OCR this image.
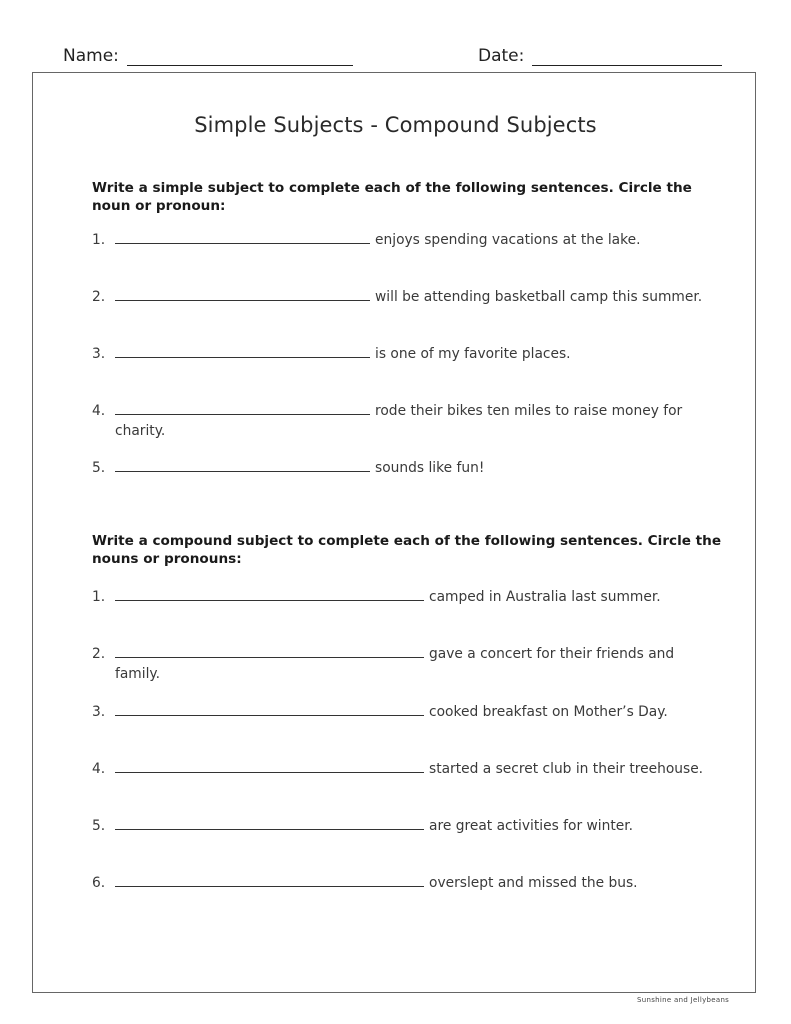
Name:	Date:
Simple Subjects - Compound Subjects
Write a simple subject to complete each of the following sentences. Circle the noun or pronoun:
1.	enjoys spending vacations at the lake.
2.	will be attending basketball camp this summer.
3.	is one of my favorite places.
4.	rode their bikes ten miles to raise money for
charity.
5.	sounds like fun!
Write a compound subject to complete each of the following sentences. Circle the nouns or pronouns:
1.	camped in Australia last summer.
2.	gave a concert for their friends and
family.
3.	cooked breakfast on Mother’s Day.
4.	started a secret club in their treehouse.
5.	are great activities for winter.
6.	overslept and missed the bus.
Sunshine and Jellybeans
